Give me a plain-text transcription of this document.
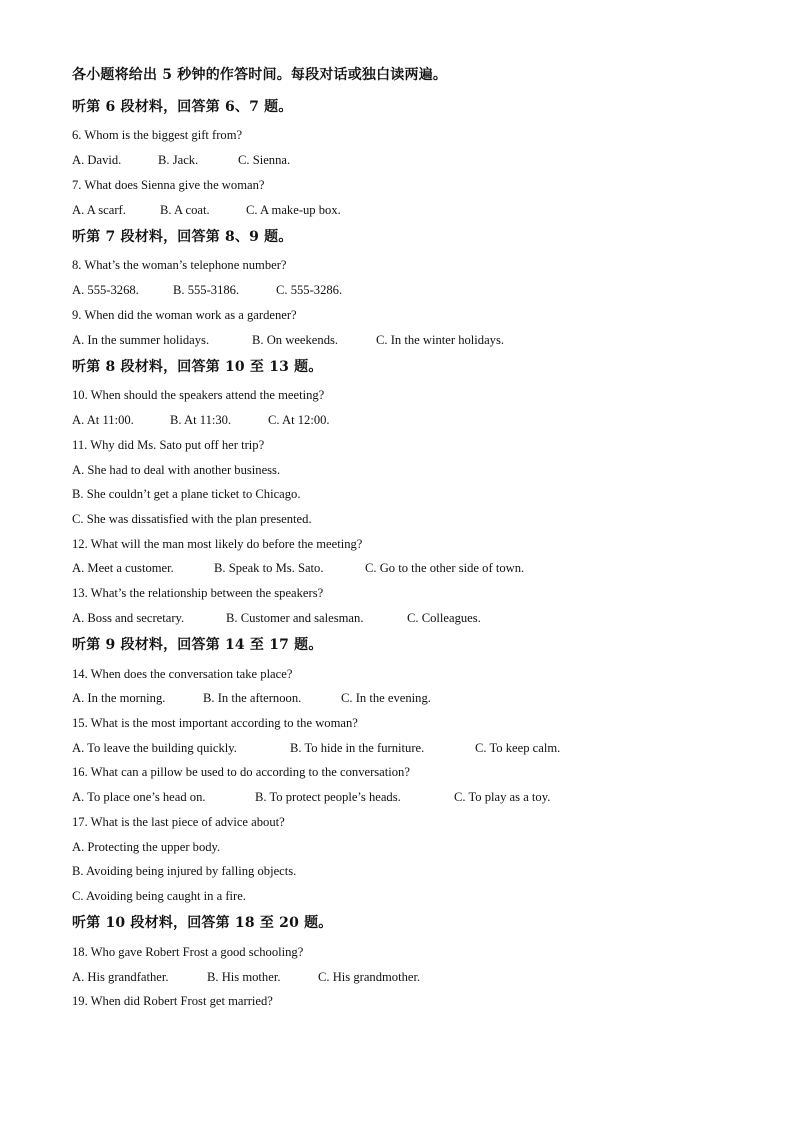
各小题将给出 5 秒钟的作答时间。每段对话或独白读两遍。
听第 6 段材料，回答第 6、7 题。
6. Whom is the biggest gift from?
A. David.	B. Jack.	C. Sienna.
7. What does Sienna give the woman?
A. A scarf.	B. A coat.	C. A make-up box.
听第 7 段材料，回答第 8、9 题。
8. What’s the woman’s telephone number?
A. 555-3268.	B. 555-3186.	C. 555-3286.
9. When did the woman work as a gardener?
A. In the summer holidays.	B. On weekends.	C. In the winter holidays.
听第 8 段材料，回答第 10 至 13 题。
10. When should the speakers attend the meeting?
A. At 11:00.	B. At 11:30.	C. At 12:00.
11. Why did Ms. Sato put off her trip?
A. She had to deal with another business.
B. She couldn’t get a plane ticket to Chicago.
C. She was dissatisfied with the plan presented.
12. What will the man most likely do before the meeting?
A. Meet a customer.	B. Speak to Ms. Sato.	C. Go to the other side of town.
13. What’s the relationship between the speakers?
A. Boss and secretary.	B. Customer and salesman.	C. Colleagues.
听第 9 段材料，回答第 14 至 17 题。
14. When does the conversation take place?
A. In the morning.	B. In the afternoon.	C. In the evening.
15. What is the most important according to the woman?
A. To leave the building quickly.	B. To hide in the furniture.	C. To keep calm.
16. What can a pillow be used to do according to the conversation?
A. To place one’s head on.	B. To protect people’s heads.	C. To play as a toy.
17. What is the last piece of advice about?
A. Protecting the upper body.
B. Avoiding being injured by falling objects.
C. Avoiding being caught in a fire.
听第 10 段材料，回答第 18 至 20 题。
18. Who gave Robert Frost a good schooling?
A. His grandfather.	B. His mother.	C. His grandmother.
19. When did Robert Frost get married?
